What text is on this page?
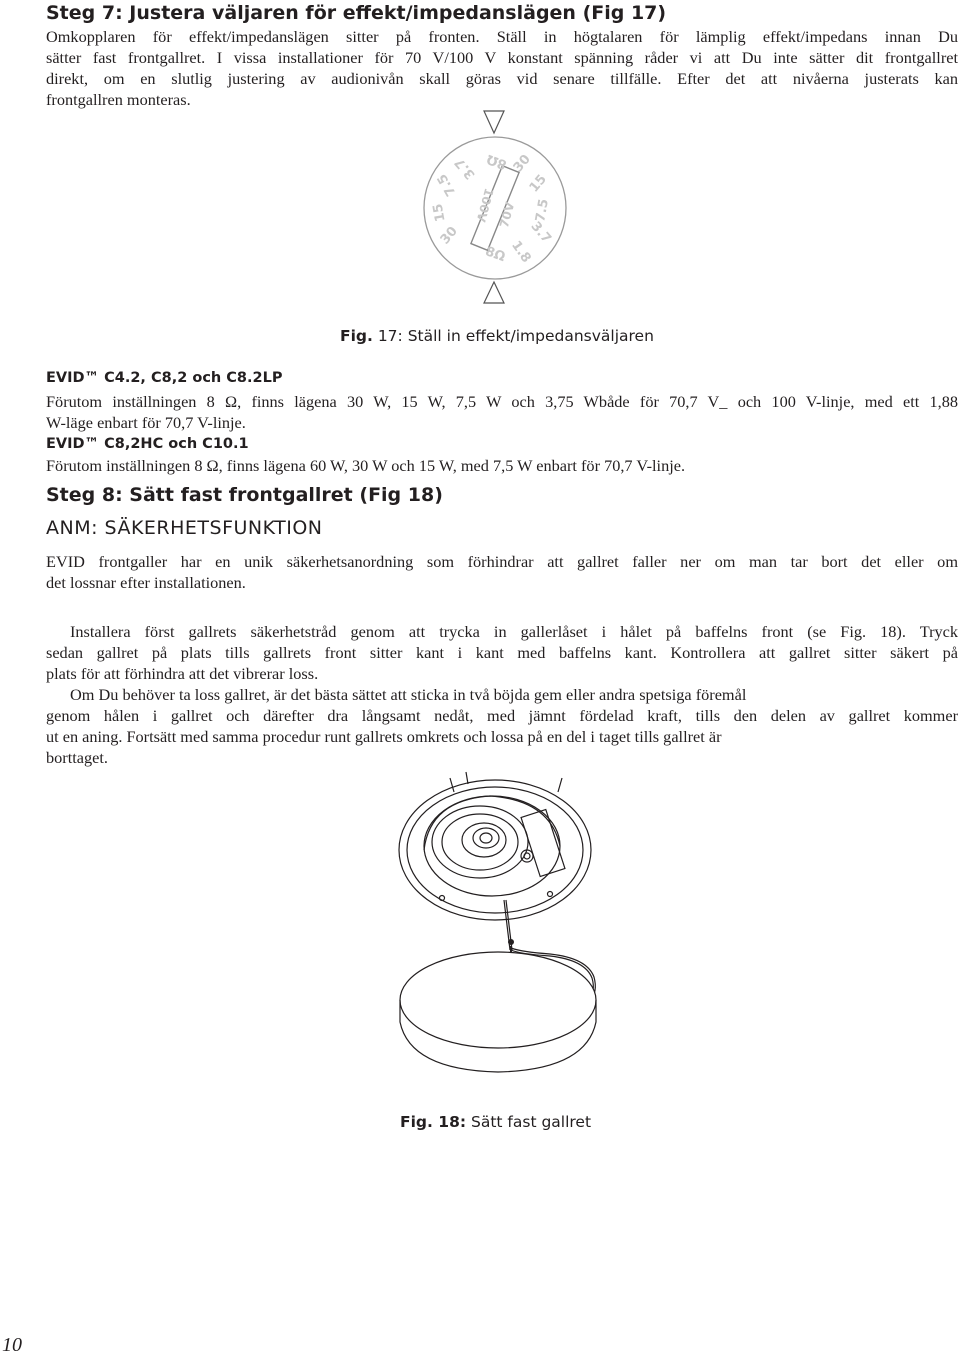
Steg 7: Justera väljaren för effekt/impedanslägen (Fig 17)
Omkopplaren för effekt/impedanslägen sitter på fronten. Ställ in högtalaren för lämplig effekt/impedans innan Du
sätter fast frontgallret. I vissa installationer för 70 V/100 V konstant spänning råder vi att Du inte sätter dit frontgallret
direkt, om en slutlig justering av audionivån skall göras vid senare tillfälle. Efter det att nivåerna justerats kan
frontgallren monteras.
3.7
7.5
15
30
8Ω
100V 70V
8Ω
30
15
7.5
3.7
1.8

Fig. 17: Ställ in effekt/impedansväljaren

EVID™ C4.2, C8,2 och C8.2LP
Förutom inställningen 8 Ω, finns lägena 30 W, 15 W, 7,5 W och 3,75 Wbåde för 70,7 V_ och 100 V-linje, med ett 1,88
W-läge enbart för 70,7 V-linje.
EVID™ C8,2HC och C10.1
Förutom inställningen 8 Ω, finns lägena 60 W, 30 W och 15 W, med 7,5 W enbart för 70,7 V-linje.
Steg 8: Sätt fast frontgallret (Fig 18)
ANM: SÄKERHETSFUNKTION
EVID frontgaller har en unik säkerhetsanordning som förhindrar att gallret faller ner om man tar bort det eller om
det lossnar efter installationen.
Installera först gallrets säkerhetstråd genom att trycka in gallerlåset i hålet på baffelns front (se Fig. 18). Tryck
sedan gallret på plats tills gallrets front sitter kant i kant med baffelns kant. Kontrollera att gallret sitter säkert på
plats för att förhindra att det vibrerar loss.
Om Du behöver ta loss gallret, är det bästa sättet att sticka in två böjda gem eller andra spetsiga föremål
genom hålen i gallret och därefter dra långsamt nedåt, med jämnt fördelad kraft, tills den delen av gallret kommer
ut en aning. Fortsätt med samma procedur runt gallrets omkrets och lossa på en del i taget tills gallret är
borttaget.

Fig. 18: Sätt fast gallret

10
